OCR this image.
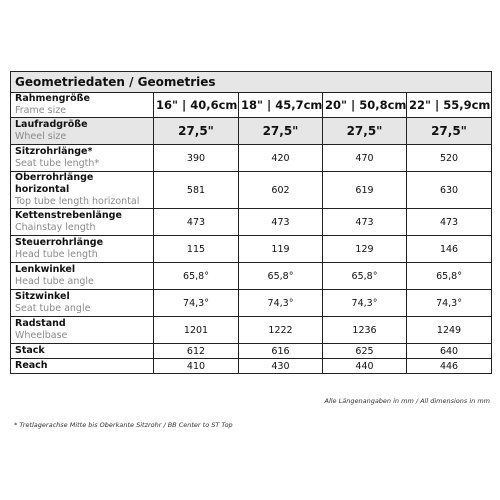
Geometriedaten / Geometries				

Rahmengröße
Frame size	16" | 40,6cm	18" | 45,7cm	20" | 50,8cm	22" | 55,9cm

Laufradgröße
Wheel size	27,5"	27,5"	27,5"	27,5"

Sitzrohrlänge*
Seat tube length*	390	420	470	520

Oberrohrlänge horizontal
Top tube length horizontal	581	602	619	630

Kettenstrebenlänge
Chainstay length	473	473	473	473

Steuerrohrlänge
Head tube length	115	119	129	146

Lenkwinkel
Head tube angle	65,8°	65,8°	65,8°	65,8°

Sitzwinkel
Seat tube angle	74,3°	74,3°	74,3°	74,3°

Radstand
Wheelbase	1201	1222	1236	1249
Stack	612	616	625	640
Reach	410	430	440	446
Alle Längenangaben in mm / All dimensions in mm
* Tretlagerachse Mitte bis Oberkante Sitzrohr / BB Center to ST Top
